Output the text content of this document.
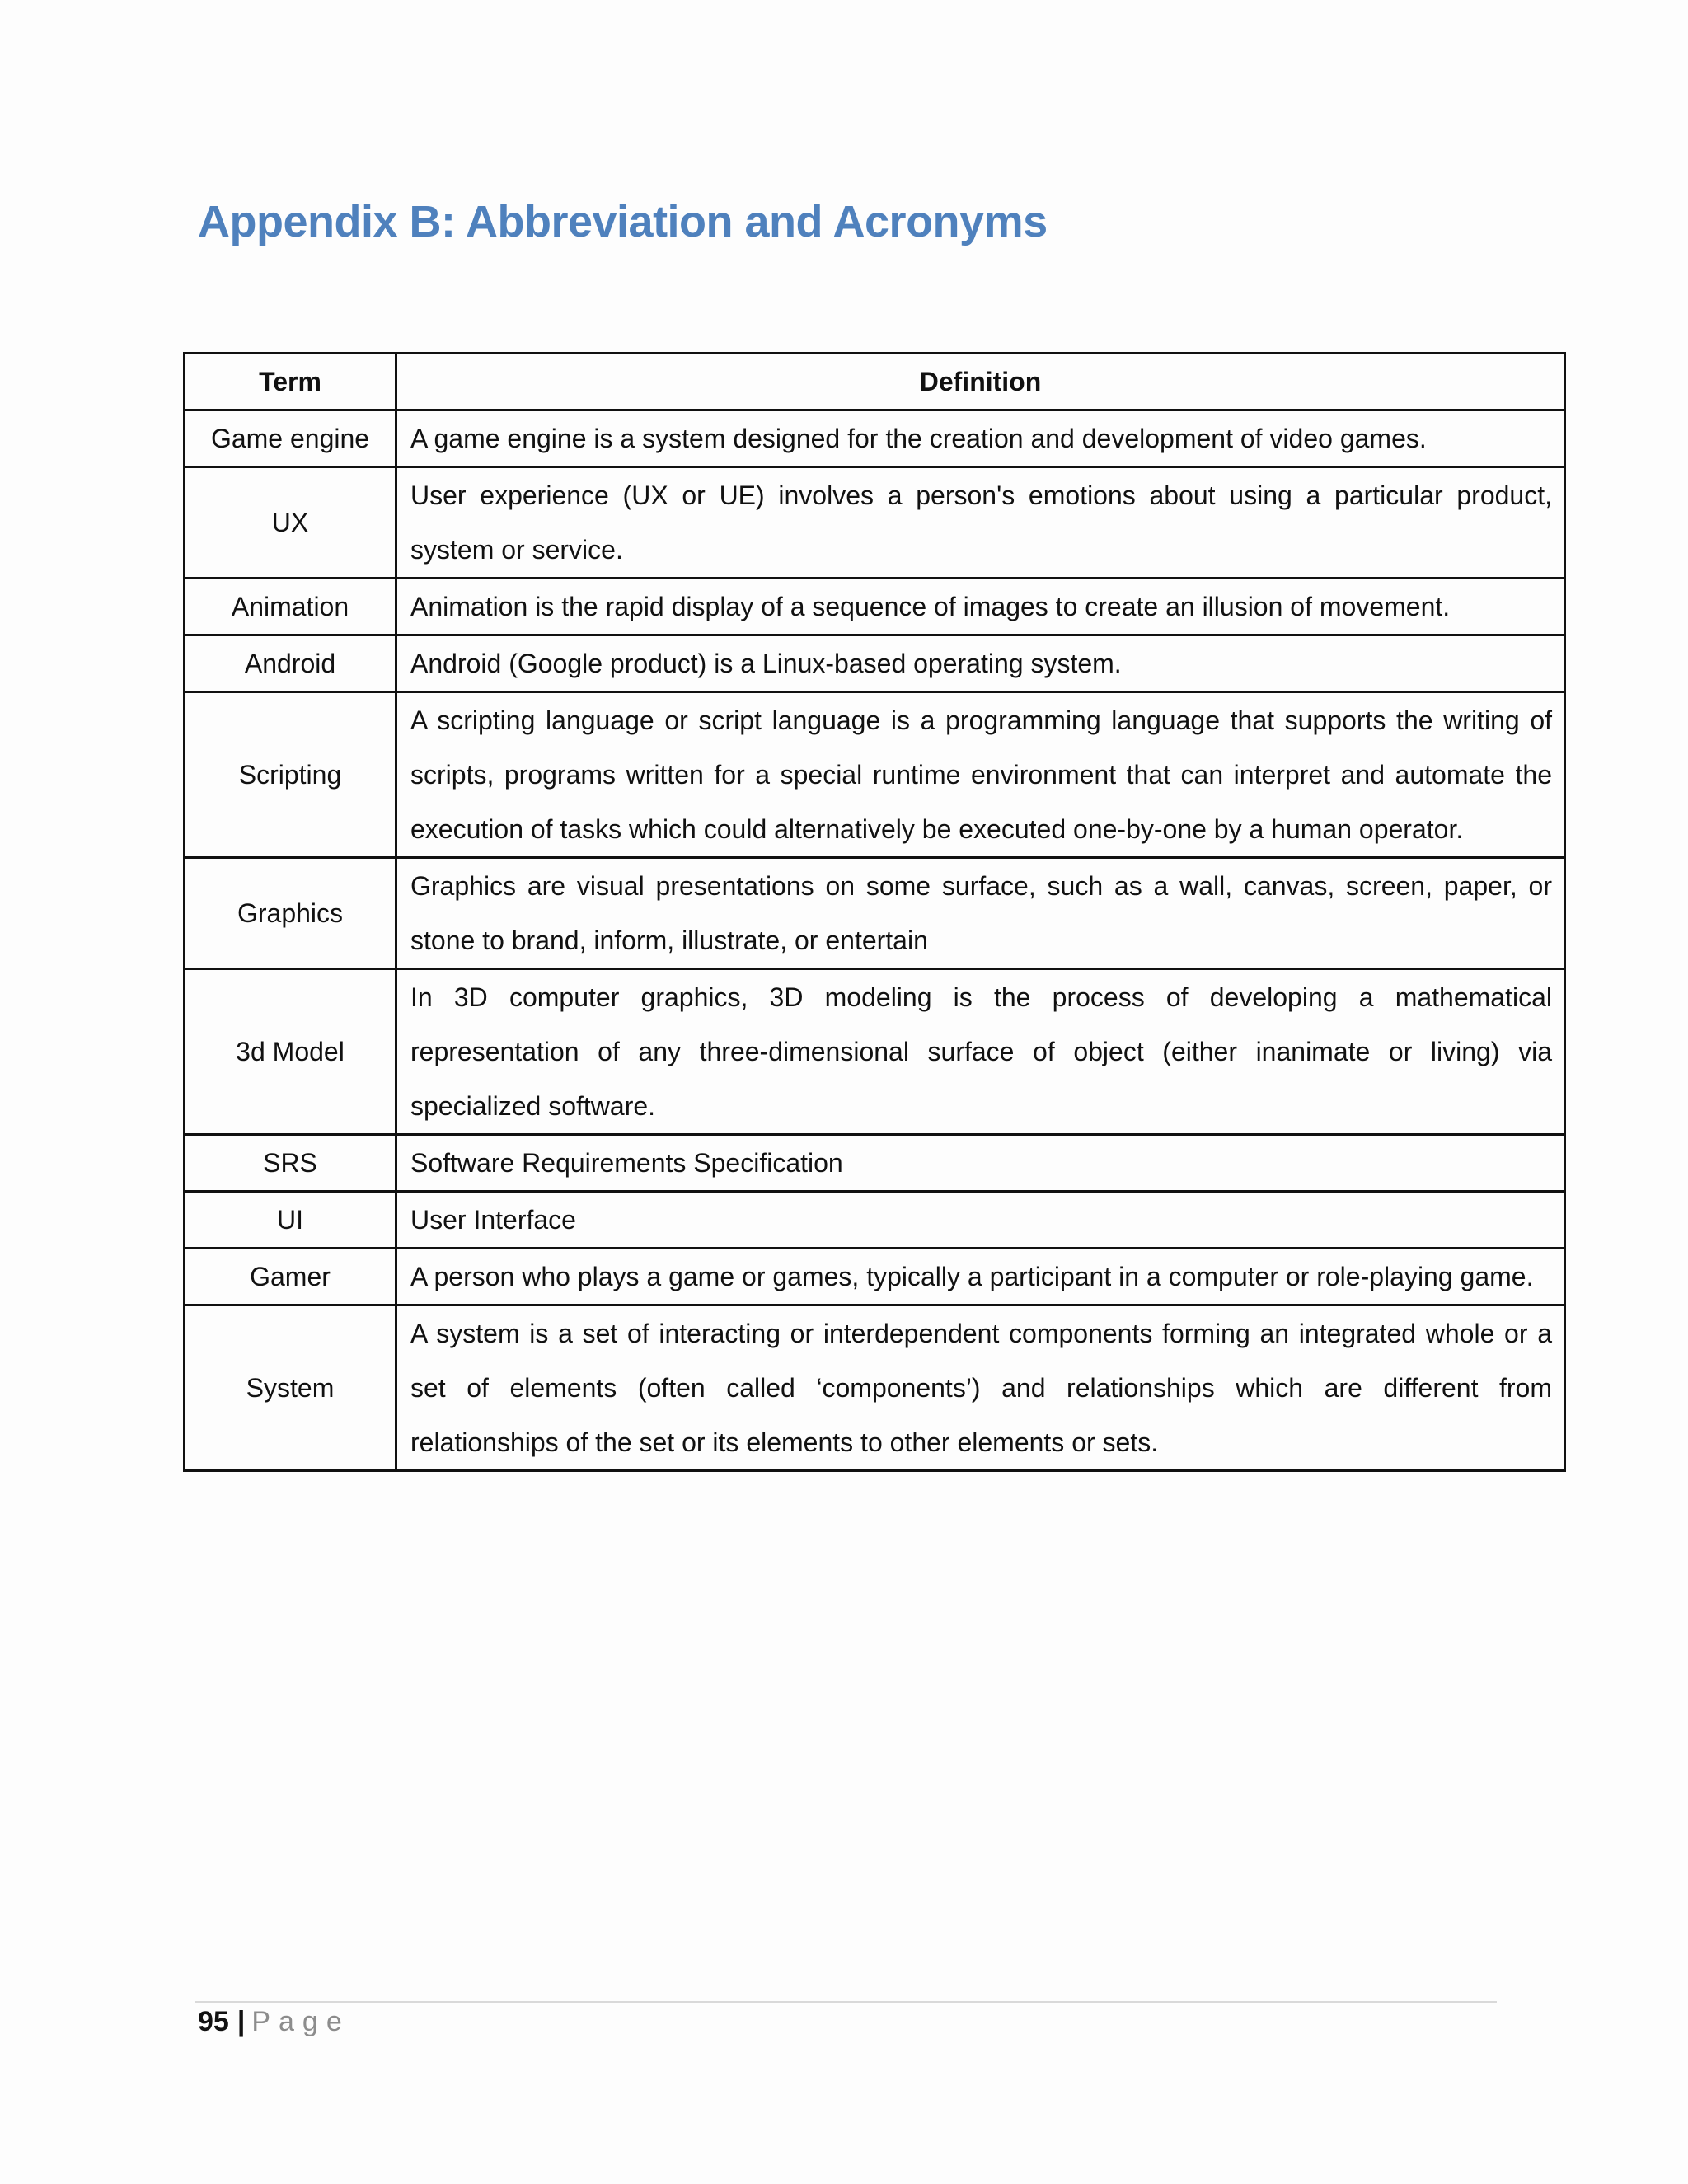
Appendix B: Abbreviation and Acronyms
Term	Definition
Game engine	A game engine is a system designed for the creation and development of video games.
UX	User experience (UX or UE) involves a person's emotions about using a particular product, system or service.
Animation	Animation is the rapid display of a sequence of images to create an illusion of movement.
Android	Android (Google product) is a Linux-based operating system.
Scripting	A scripting language or script language is a programming language that supports the writing of scripts, programs written for a special runtime environment that can interpret and automate the execution of tasks which could alternatively be executed one-by-one by a human operator.
Graphics	Graphics are visual presentations on some surface, such as a wall, canvas, screen, paper, or stone to brand, inform, illustrate, or entertain
3d Model	In 3D computer graphics, 3D modeling is the process of developing a mathematical representation of any three-dimensional surface of object (either inanimate or living) via specialized software.
SRS	Software Requirements Specification
UI	User Interface
Gamer	A person who plays a game or games, typically a participant in a computer or role-playing game.
System	A system is a set of interacting or interdependent components forming an integrated whole or a set of elements (often called ‘components’) and relationships which are different from relationships of the set or its elements to other elements or sets.
95 | Page
